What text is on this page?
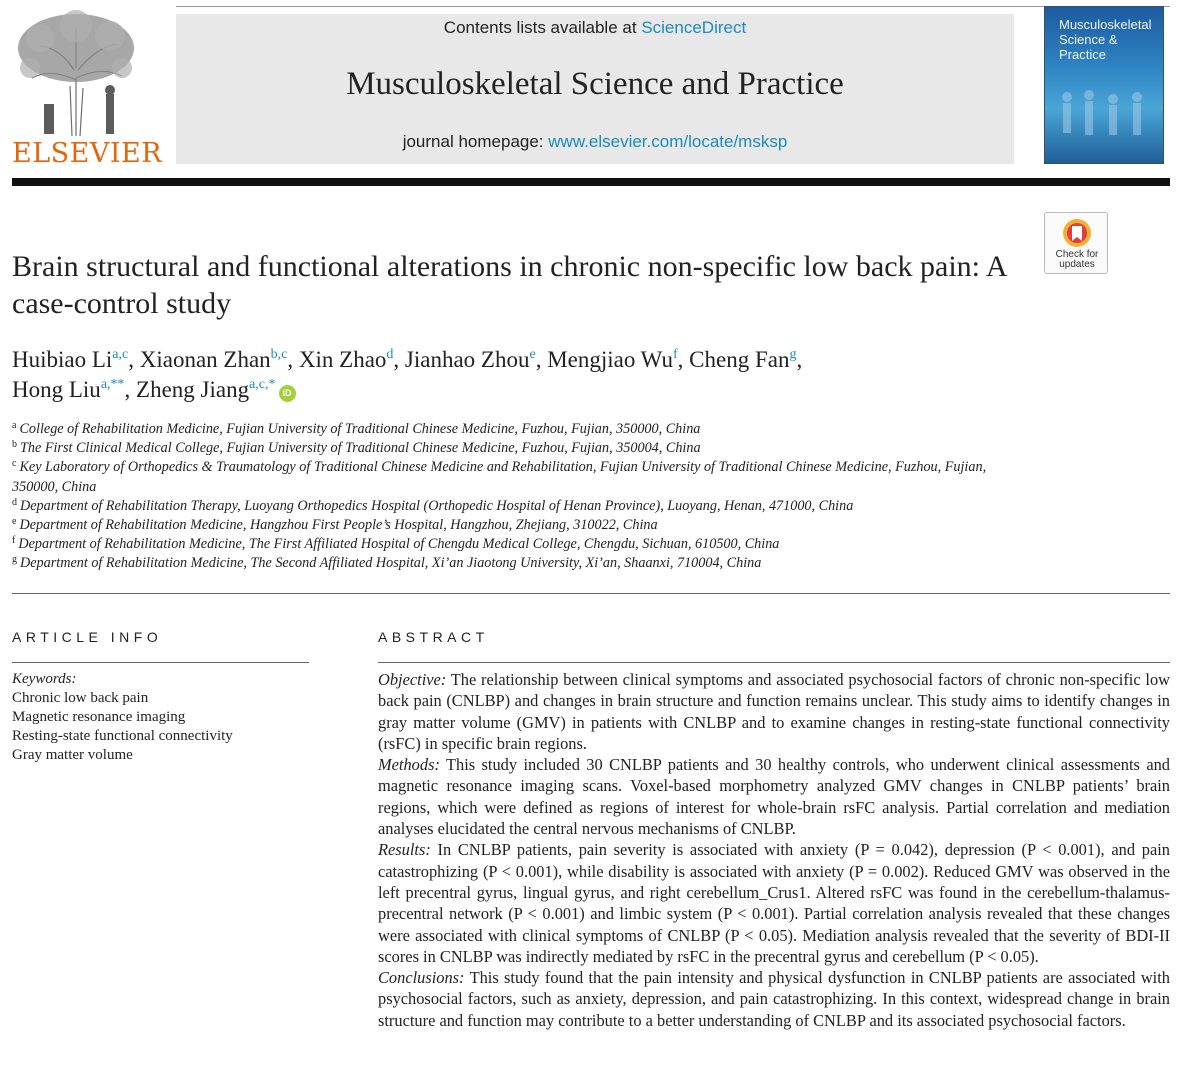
ELSEVIER
Contents lists available at ScienceDirect
Musculoskeletal Science and Practice
journal homepage: www.elsevier.com/locate/msksp
Musculoskeletal Science & Practice
Check for updates
Brain structural and functional alterations in chronic non-specific low back pain: A case-control study
Huibiao Li$^{a,c}$, Xiaonan Zhan$^{b,c}$, Xin Zhao$^d$, Jianhao Zhou$^e$, Mengjiao Wu$^f$, Cheng Fan$^g$,
Hong Liu$^{a,**}$, Zheng Jiang$^{a,c,*}$iD
$^a$ College of Rehabilitation Medicine, Fujian University of Traditional Chinese Medicine, Fuzhou, Fujian, 350000, China
$^b$ The First Clinical Medical College, Fujian University of Traditional Chinese Medicine, Fuzhou, Fujian, 350004, China
$^c$ Key Laboratory of Orthopedics & Traumatology of Traditional Chinese Medicine and Rehabilitation, Fujian University of Traditional Chinese Medicine, Fuzhou, Fujian, 350000, China
$^d$ Department of Rehabilitation Therapy, Luoyang Orthopedics Hospital (Orthopedic Hospital of Henan Province), Luoyang, Henan, 471000, China
$^e$ Department of Rehabilitation Medicine, Hangzhou First People’s Hospital, Hangzhou, Zhejiang, 310022, China
$^f$ Department of Rehabilitation Medicine, The First Affiliated Hospital of Chengdu Medical College, Chengdu, Sichuan, 610500, China
$^g$ Department of Rehabilitation Medicine, The Second Affiliated Hospital, Xi’an Jiaotong University, Xi’an, Shaanxi, 710004, China
ARTICLE INFO
Keywords:
Chronic low back pain
Magnetic resonance imaging
Resting-state functional connectivity
Gray matter volume
ABSTRACT

Objective: The relationship between clinical symptoms and associated psychosocial factors of chronic non-specific low back pain (CNLBP) and changes in brain structure and function remains unclear. This study aims to identify changes in gray matter volume (GMV) in patients with CNLBP and to examine changes in resting-state functional connectivity (rsFC) in specific brain regions.

Methods: This study included 30 CNLBP patients and 30 healthy controls, who underwent clinical assessments and magnetic resonance imaging scans. Voxel-based morphometry analyzed GMV changes in CNLBP patients’ brain regions, which were defined as regions of interest for whole-brain rsFC analysis. Partial correlation and mediation analyses elucidated the central nervous mechanisms of CNLBP.

Results: In CNLBP patients, pain severity is associated with anxiety (P = 0.042), depression (P < 0.001), and pain catastrophizing (P < 0.001), while disability is associated with anxiety (P = 0.002). Reduced GMV was observed in the left precentral gyrus, lingual gyrus, and right cerebellum_Crus1. Altered rsFC was found in the cerebellum-thalamus-precentral network (P < 0.001) and limbic system (P < 0.001). Partial correlation analysis revealed that these changes were associated with clinical symptoms of CNLBP (P < 0.05). Mediation analysis revealed that the severity of BDI-II scores in CNLBP was indirectly mediated by rsFC in the precentral gyrus and cerebellum (P < 0.05).

Conclusions: This study found that the pain intensity and physical dysfunction in CNLBP patients are associated with psychosocial factors, such as anxiety, depression, and pain catastrophizing. In this context, widespread change in brain structure and function may contribute to a better understanding of CNLBP and its associated psychosocial factors.
